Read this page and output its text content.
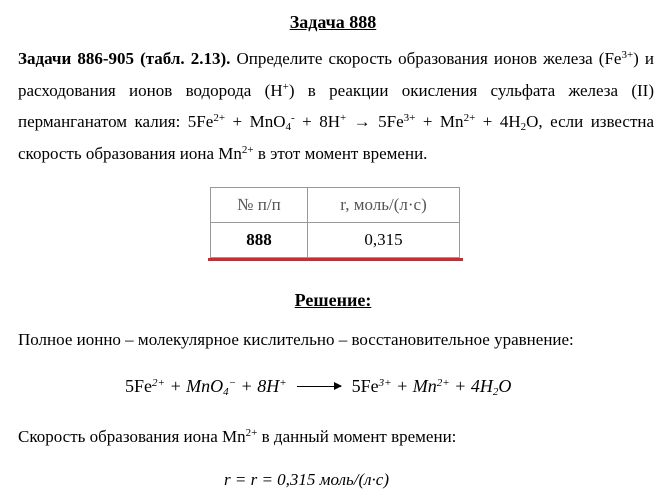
Задача 888

Задачи 886-905 (табл. 2.13). Определите скорость образования ионов железа $(Fe^{3+})$ и расходования ионов водорода (H+) в реакции окисления сульфата железа (II) перманганатом калия: $5Fe^{2+} + MnO_4^- + 8H^+ \to 5Fe^{3+} + Mn^{2+} + 4H_2O$, если известна скорость образования иона $Mn^{2+}$ в этот момент времени.

№ п/п	r, моль/(л·с)
888	0,315
Решение:
Полное ионно – молекулярное кислительно – восстановительное уравнение:
$5Fe^{2+} + MnO_4^- + 8H^+ \to 5Fe^{3+} + Mn^{2+} + 4H_2O$
Скорость образования иона $Mn^{2+}$ в данный момент времени:
r = r = 0,315 моль/(л·с)
